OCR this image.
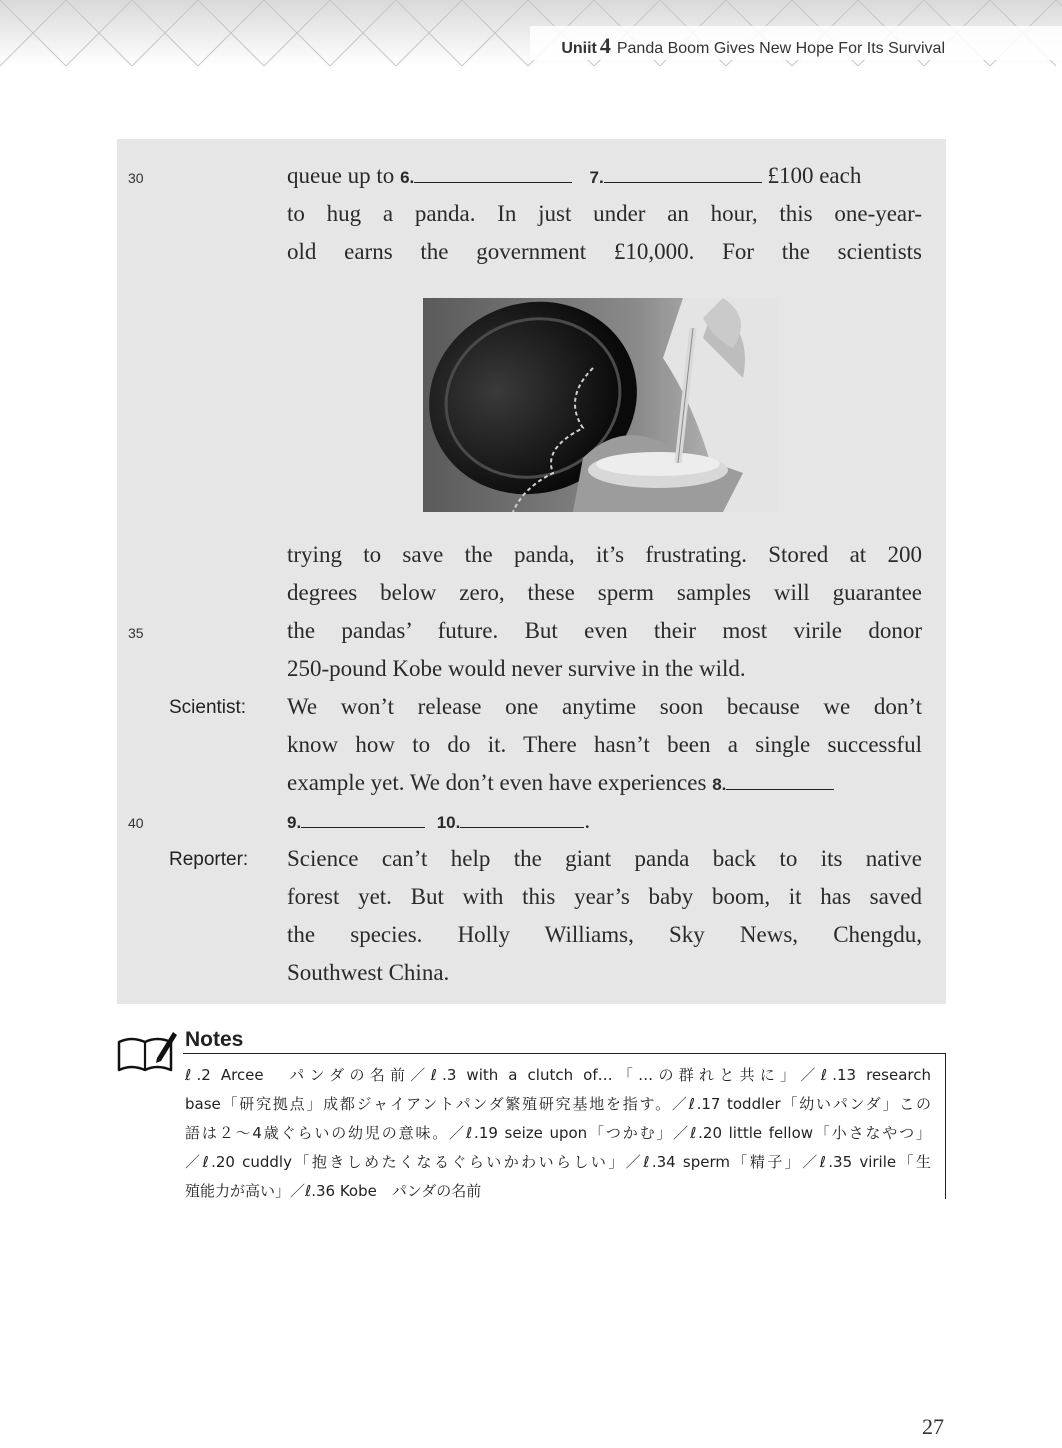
Uniit 4 Panda Boom Gives New Hope For Its Survival
30
35
40
queue up to 6.	7.	£100 each
to hug a panda. In just under an hour, this one-year-
old earns the government £10,000. For the scientists
trying to save the panda, it’s frustrating. Stored at 200
degrees below zero, these sperm samples will guarantee
the pandas’ future. But even their most virile donor
250-pound Kobe would never survive in the wild.
Scientist: We won’t release one anytime soon because we don’t
know how to do it. There hasn’t been a single successful
example yet. We don’t even have experiences 8.
9.	10.	.
Reporter: Science can’t help the giant panda back to its native
forest yet. But with this year’s baby boom, it has saved
the species. Holly Williams, Sky News, Chengdu,
Southwest China.
Notes
ℓ.2 Arcee　パンダの名前／ℓ.3 with a clutch of…「…の群れと共に」／ℓ.13 research
base「研究拠点」成都ジャイアントパンダ繁殖研究基地を指す。／ℓ.17 toddler「幼いパンダ」この
語は２〜4歳ぐらいの幼児の意味。／ℓ.19 seize upon「つかむ」／ℓ.20 little fellow「小さなやつ」
／ℓ.20 cuddly「抱きしめたくなるぐらいかわいらしい」／ℓ.34 sperm「精子」／ℓ.35 virile「生
殖能力が高い」／ℓ.36 Kobe　パンダの名前
27
